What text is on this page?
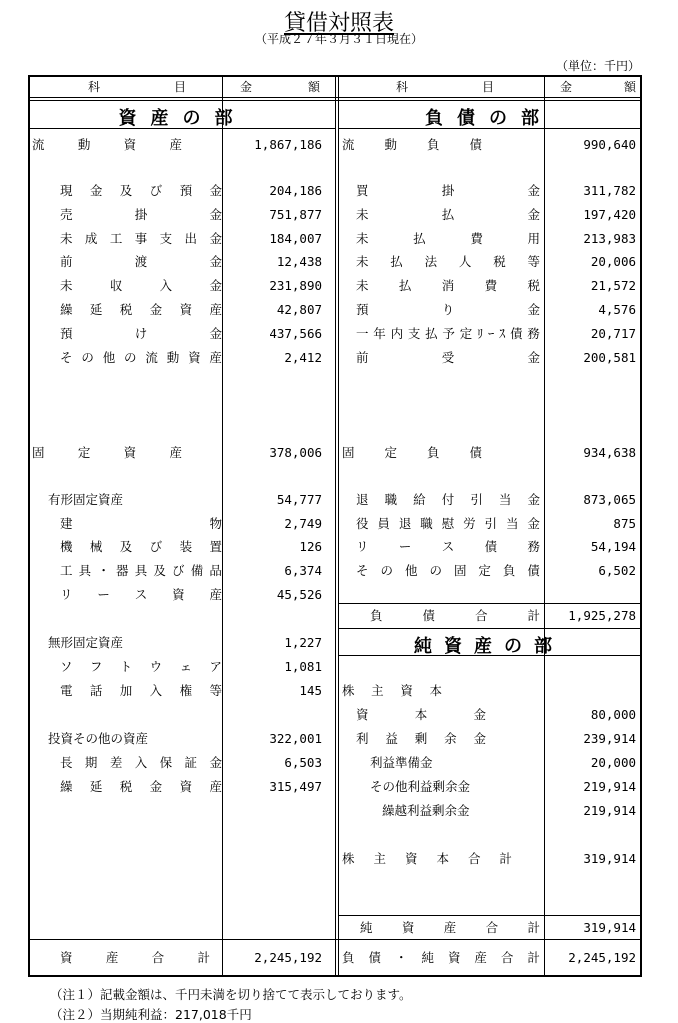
貸借対照表
（平成２７年３月３１日現在）
（単位：千円）
科	目	金	額	科	目	金	額
資産の部	負債の部
純資産の部
流	動	資	産	1,867,186
現 金 及 び 預 金	204,186
売	掛	金	751,877
未 成 工 事 支 出 金	184,007
前	渡	金	12,438
未	収	入	金	231,890
繰 延 税 金 資 産	42,807
預	け	金	437,566
そ の 他 の 流 動 資 産	2,412
固	定	資	産	378,006
有形固定資産	54,777
建	物	2,749
機 械 及 び 装 置	126
工 具 ・ 器 具 及 び 備 品	6,374
リ ー ス 資 産	45,526
無形固定資産	1,227
ソ フ ト ウ ェ ア	1,081
電 話 加 入 権 等	145
投資その他の資産	322,001
長 期 差 入 保 証 金	6,503
繰 延 税 金 資 産	315,497
流 動 負 債	990,640
買	掛	金	311,782
未	払	金	197,420
未	払	費	用	213,983
未 払 法 人 税 等	20,006
未 払 消 費 税	21,572
預	り	金	4,576
一 年 内 支 払 予 定 ﾘ ｰ ｽ 債 務	20,717
前	受	金	200,581
固 定 負 債	934,638
退 職 給 付 引 当 金	873,065
役 員 退 職 慰 労 引 当 金	875
リ ー ス 債 務	54,194
そ の 他 の 固 定 負 債	6,502
株 主 資 本
資	本	金	80,000
利 益 剰 余 金	239,914
利益準備金	20,000
その他利益剰余金	219,914
繰越利益剰余金	219,914
株 主 資 本 合 計	319,914
負	債	合	計	1,925,278
純 資 産 合 計	319,914
資	産	合	計	2,245,192 負 債 ・ 純 資 産 合 計	2,245,192
（注１）記載金額は、千円未満を切り捨てて表示しております。
（注２）当期純利益：217,018千円
